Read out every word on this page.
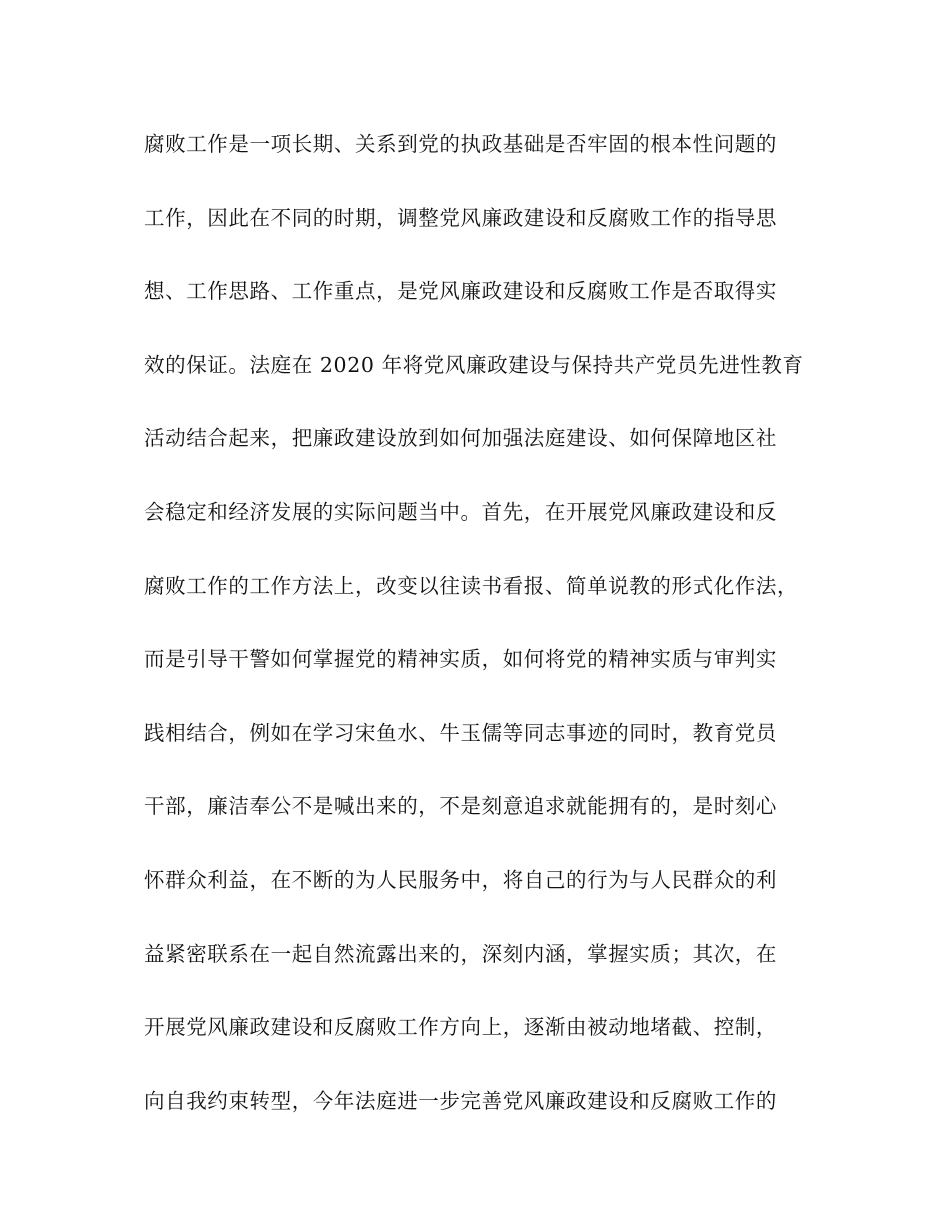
腐败工作是一项长期、关系到党的执政基础是否牢固的根本性问题的
工作，因此在不同的时期，调整党风廉政建设和反腐败工作的指导思
想、工作思路、工作重点，是党风廉政建设和反腐败工作是否取得实
效的保证。法庭在 2020 年将党风廉政建设与保持共产党员先进性教育
活动结合起来，把廉政建设放到如何加强法庭建设、如何保障地区社
会稳定和经济发展的实际问题当中。首先，在开展党风廉政建设和反
腐败工作的工作方法上，改变以往读书看报、简单说教的形式化作法，
而是引导干警如何掌握党的精神实质，如何将党的精神实质与审判实
践相结合，例如在学习宋鱼水、牛玉儒等同志事迹的同时，教育党员
干部，廉洁奉公不是喊出来的，不是刻意追求就能拥有的，是时刻心
怀群众利益，在不断的为人民服务中，将自己的行为与人民群众的利
益紧密联系在一起自然流露出来的，深刻内涵，掌握实质；其次，在
开展党风廉政建设和反腐败工作方向上，逐渐由被动地堵截、控制，
向自我约束转型，今年法庭进一步完善党风廉政建设和反腐败工作的
